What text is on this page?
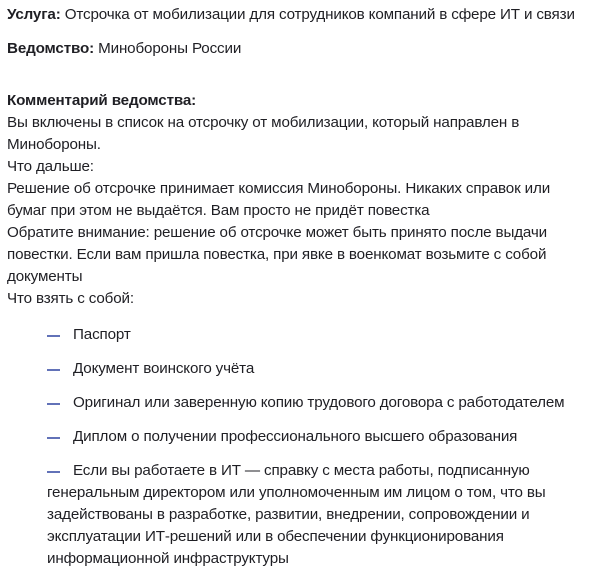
Услуга: Отсрочка от мобилизации для сотрудников компаний в сфере ИТ и связи
Ведомство: Минобороны России
Комментарий ведомства:
Вы включены в список на отсрочку от мобилизации, который направлен в
Минобороны.
Что дальше:
Решение об отсрочке принимает комиссия Минобороны. Никаких справок или
бумаг при этом не выдаётся. Вам просто не придёт повестка
Обратите внимание: решение об отсрочке может быть принято после выдачи
повестки. Если вам пришла повестка, при явке в военкомат возьмите с собой
документы
Что взять с собой:
Паспорт
Документ воинского учёта
Оригинал или заверенную копию трудового договора с работодателем
Диплом о получении профессионального высшего образования
Если вы работаете в ИТ — справку с места работы, подписанную
генеральным директором или уполномоченным им лицом о том, что вы
задействованы в разработке, развитии, внедрении, сопровождении и
эксплуатации ИТ-решений или в обеспечении функционирования
информационной инфраструктуры
